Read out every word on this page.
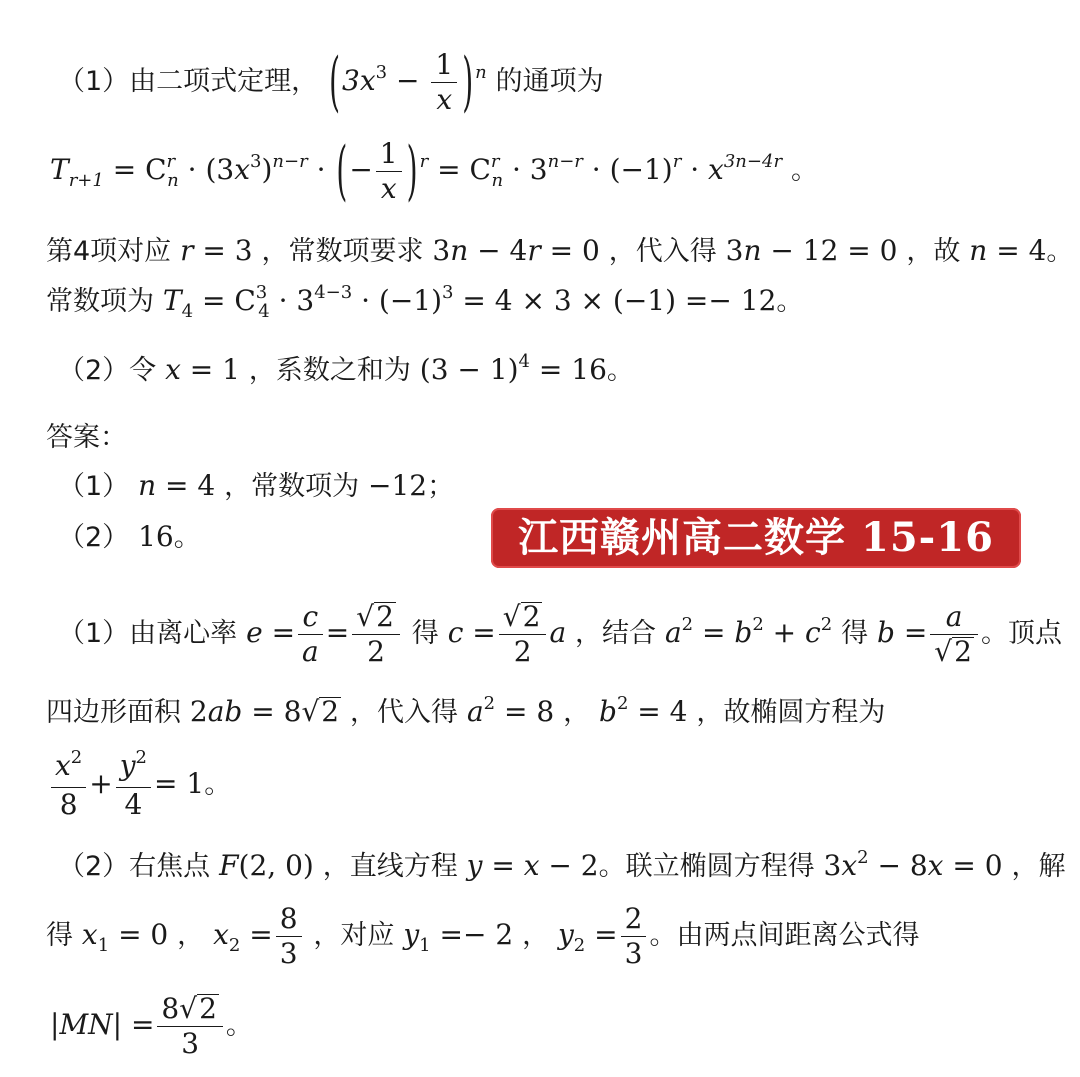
（1）由二项式定理， ($3x^3 - \frac{1}{x}$ ) $^n$ 的通项为
$T_{r+1} = C^r_n \cdot (3x^3)^{n-r}$ · (− $\frac{1}{x}$ ) $^r = C^r_n \cdot 3^{n-r} \cdot (-1)^r \cdot x^{3n-4r}$ 。
第4项对应 r = 3 ，常数项要求 3n − 4r = 0 ，代入得 3n − 12 = 0 ，故 n = 4。
常数项为 $T_4 = C^3_4 \cdot 3^{4-3} \cdot (-1)^3 = 4 \times 3 \times (-1) =- 12$。
（2）令 x = 1 ，系数之和为 $(3 - 1)^4 = 16$。
答案：
（1） n = 4 ，常数项为 −12；
（2） 16。	江西赣州高二数学 15-16
（1）由离心率 $e = \frac{c}{a} = \frac{√2}{2}$ 得 $c = \frac{√2}{2}$ a ，结合 $a^2 = b^2 + c^2$ 得 $b = \frac{a}{√2}$ 。顶点
四边形面积 2ab = 8√2 ，代入得 $a^2 = 8$ ， $b^2 = 4$ ，故椭圆方程为
$\frac{x^2}{8} + \frac{y^2}{4} = 1$。
（2）右焦点 F(2, 0) ，直线方程 y = x − 2。联立椭圆方程得 $3x^2 - 8x = 0$ ，解
得 $x_1 = 0$ ， $x_2 = \frac{8}{3}$ ，对应 $y_1 =- 2$ ， $y_2 = \frac{2}{3}$ 。由两点间距离公式得
$|MN| = \frac{8√2}{3}$ 。
